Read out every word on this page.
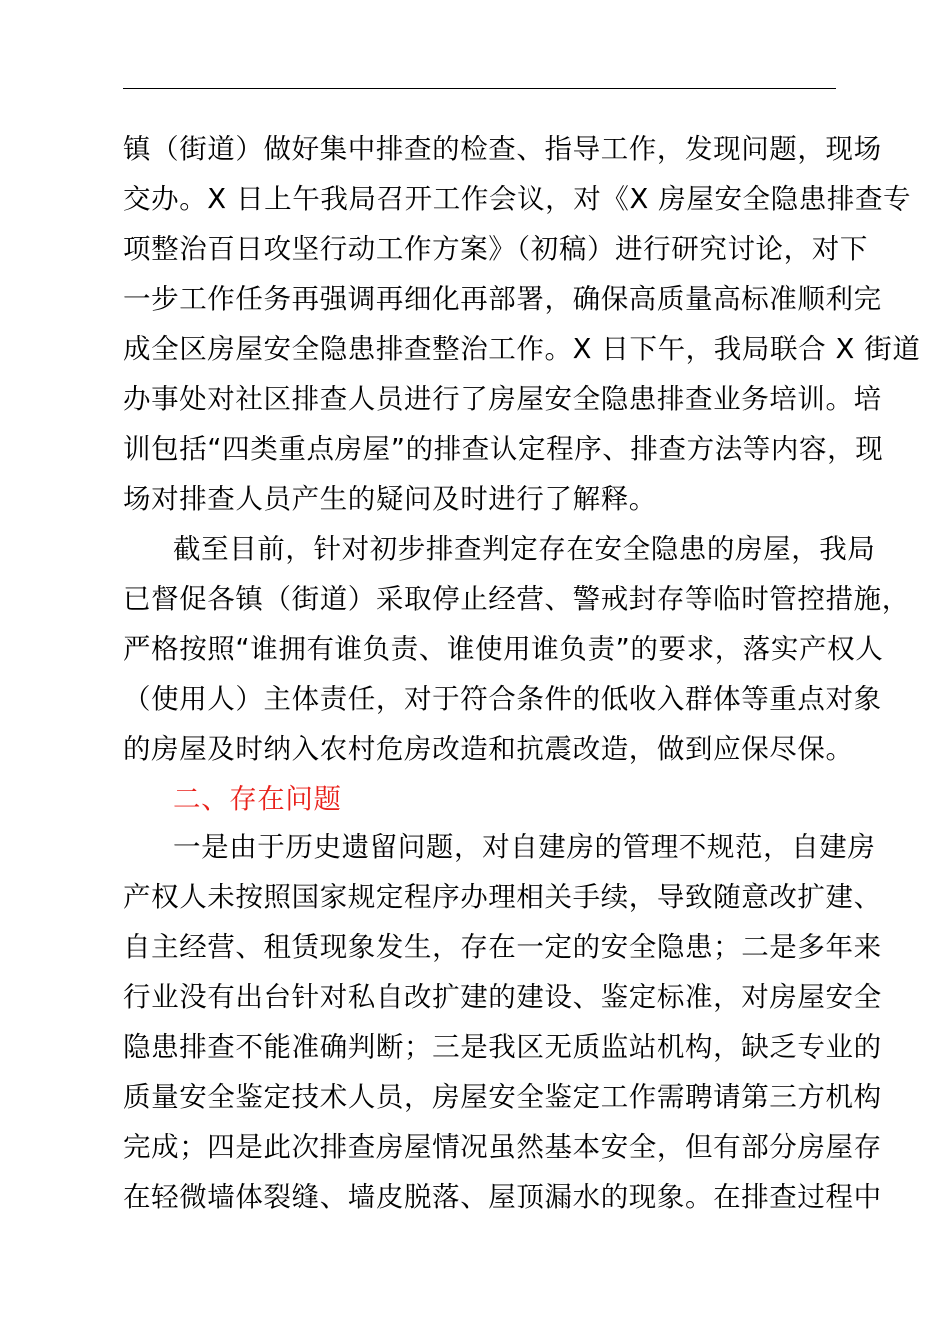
镇（街道）做好集中排查的检查、指导工作，发现问题，现场
交办。X 日上午我局召开工作会议，对《X 房屋安全隐患排查专
项整治百日攻坚行动工作方案》（初稿）进行研究讨论，对下
一步工作任务再强调再细化再部署，确保高质量高标准顺利完
成全区房屋安全隐患排查整治工作。X 日下午，我局联合 X 街道
办事处对社区排查人员进行了房屋安全隐患排查业务培训。培
训包括“四类重点房屋”的排查认定程序、排查方法等内容，现
场对排查人员产生的疑问及时进行了解释。
截至目前，针对初步排查判定存在安全隐患的房屋，我局
已督促各镇（街道）采取停止经营、警戒封存等临时管控措施，
严格按照“谁拥有谁负责、谁使用谁负责”的要求，落实产权人
（使用人）主体责任，对于符合条件的低收入群体等重点对象
的房屋及时纳入农村危房改造和抗震改造，做到应保尽保。
二、存在问题
一是由于历史遗留问题，对自建房的管理不规范，自建房
产权人未按照国家规定程序办理相关手续，导致随意改扩建、
自主经营、租赁现象发生，存在一定的安全隐患；二是多年来
行业没有出台针对私自改扩建的建设、鉴定标准，对房屋安全
隐患排查不能准确判断；三是我区无质监站机构，缺乏专业的
质量安全鉴定技术人员，房屋安全鉴定工作需聘请第三方机构
完成；四是此次排查房屋情况虽然基本安全，但有部分房屋存
在轻微墙体裂缝、墙皮脱落、屋顶漏水的现象。在排查过程中
